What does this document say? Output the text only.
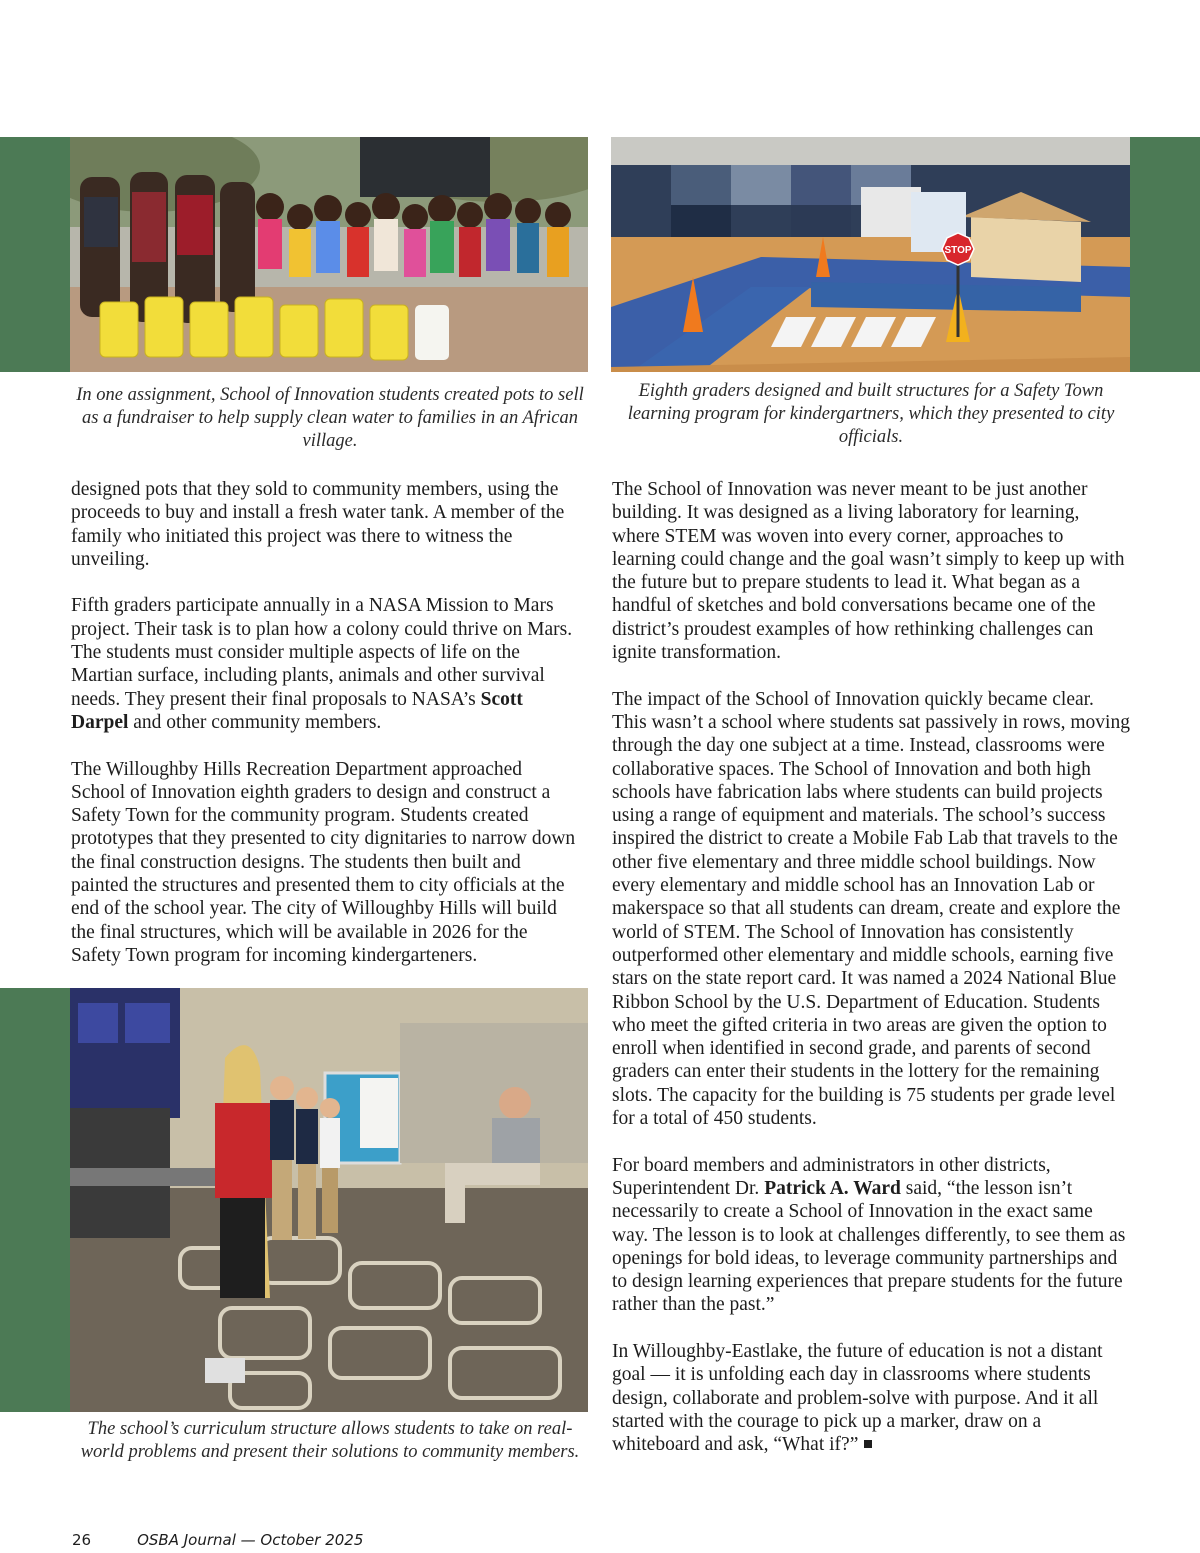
STOP

In one assignment, School of Innovation students created pots to sell as a fundraiser to help supply clean water to families in an African village.

Eighth graders designed and built structures for a Safety Town learning program for kindergartners, which they presented to city officials.

designed pots that they sold to community members, using the proceeds to buy and install a fresh water tank. A member of the family who initiated this project was there to witness the unveiling.

Fifth graders participate annually in a NASA Mission to Mars project. Their task is to plan how a colony could thrive on Mars. The students must consider multiple aspects of life on the Martian surface, including plants, animals and other survival needs. They present their final proposals to NASA’s Scott Darpel and other community members.

The Willoughby Hills Recreation Department approached School of Innovation eighth graders to design and construct a Safety Town for the community program. Students created prototypes that they presented to city dignitaries to narrow down the final construction designs. The students then built and painted the structures and presented them to city officials at the end of the school year. The city of Willoughby Hills will build the final structures, which will be available in 2026 for the Safety Town program for incoming kindergarteners.

The school’s curriculum structure allows students to take on real-world problems and present their solutions to community members.

The School of Innovation was never meant to be just another building. It was designed as a living laboratory for learning, where STEM was woven into every corner, approaches to learning could change and the goal wasn’t simply to keep up with the future but to prepare students to lead it. What began as a handful of sketches and bold conversations became one of the district’s proudest examples of how rethinking challenges can ignite transformation.

The impact of the School of Innovation quickly became clear. This wasn’t a school where students sat passively in rows, moving through the day one subject at a time. Instead, classrooms were collaborative spaces. The School of Innovation and both high schools have fabrication labs where students can build projects using a range of equipment and materials. The school’s success inspired the district to create a Mobile Fab Lab that travels to the other five elementary and three middle school buildings. Now every elementary and middle school has an Innovation Lab or makerspace so that all students can dream, create and explore the world of STEM. The School of Innovation has consistently outperformed other elementary and middle schools, earning five stars on the state report card. It was named a 2024 National Blue Ribbon School by the U.S. Department of Education. Students who meet the gifted criteria in two areas are given the option to enroll when identified in second grade, and parents of second graders can enter their students in the lottery for the remaining slots. The capacity for the building is 75 students per grade level for a total of 450 students.

For board members and administrators in other districts, Superintendent Dr. Patrick A. Ward said, “the lesson isn’t necessarily to create a School of Innovation in the exact same way. The lesson is to look at challenges differently, to see them as openings for bold ideas, to leverage community partnerships and to design learning experiences that prepare students for the future rather than the past.”

In Willoughby-Eastlake, the future of education is not a distant goal — it is unfolding each day in classrooms where students design, collaborate and problem-solve with purpose. And it all started with the courage to pick up a marker, draw on a whiteboard and ask, “What if?”

26	OSBA Journal — October 2025
